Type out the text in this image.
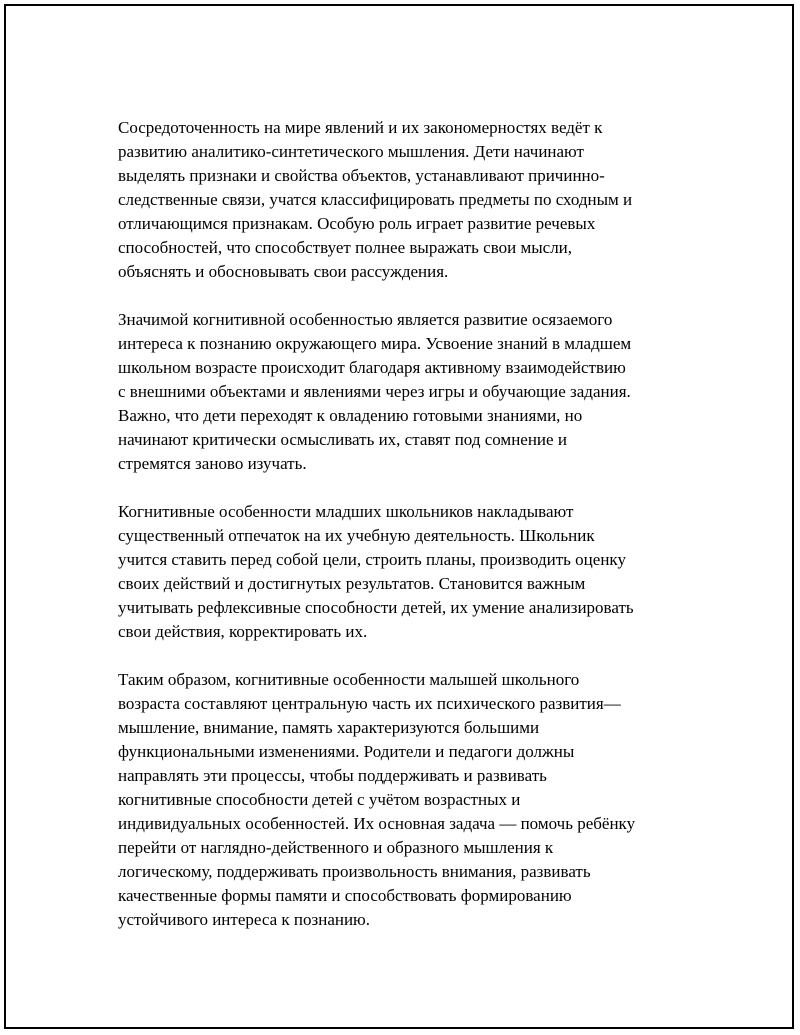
Сосредоточенность на мире явлений и их закономерностях ведёт к
развитию аналитико-синтетического мышления. Дети начинают
выделять признаки и свойства объектов, устанавливают причинно-
следственные связи, учатся классифицировать предметы по сходным и
отличающимся признакам. Особую роль играет развитие речевых
способностей, что способствует полнее выражать свои мысли,
объяснять и обосновывать свои рассуждения.

Значимой когнитивной особенностью является развитие осязаемого
интереса к познанию окружающего мира. Усвоение знаний в младшем
школьном возрасте происходит благодаря активному взаимодействию
с внешними объектами и явлениями через игры и обучающие задания.
Важно, что дети переходят к овладению готовыми знаниями, но
начинают критически осмысливать их, ставят под сомнение и
стремятся заново изучать.

Когнитивные особенности младших школьников накладывают
существенный отпечаток на их учебную деятельность. Школьник
учится ставить перед собой цели, строить планы, производить оценку
своих действий и достигнутых результатов. Становится важным
учитывать рефлексивные способности детей, их умение анализировать
свои действия, корректировать их.

Таким образом, когнитивные особенности малышей школьного
возраста составляют центральную часть их психического развития—
мышление, внимание, память характеризуются большими
функциональными изменениями. Родители и педагоги должны
направлять эти процессы, чтобы поддерживать и развивать
когнитивные способности детей с учётом возрастных и
индивидуальных особенностей. Их основная задача — помочь ребёнку
перейти от наглядно-действенного и образного мышления к
логическому, поддерживать произвольность внимания, развивать
качественные формы памяти и способствовать формированию
устойчивого интереса к познанию.
